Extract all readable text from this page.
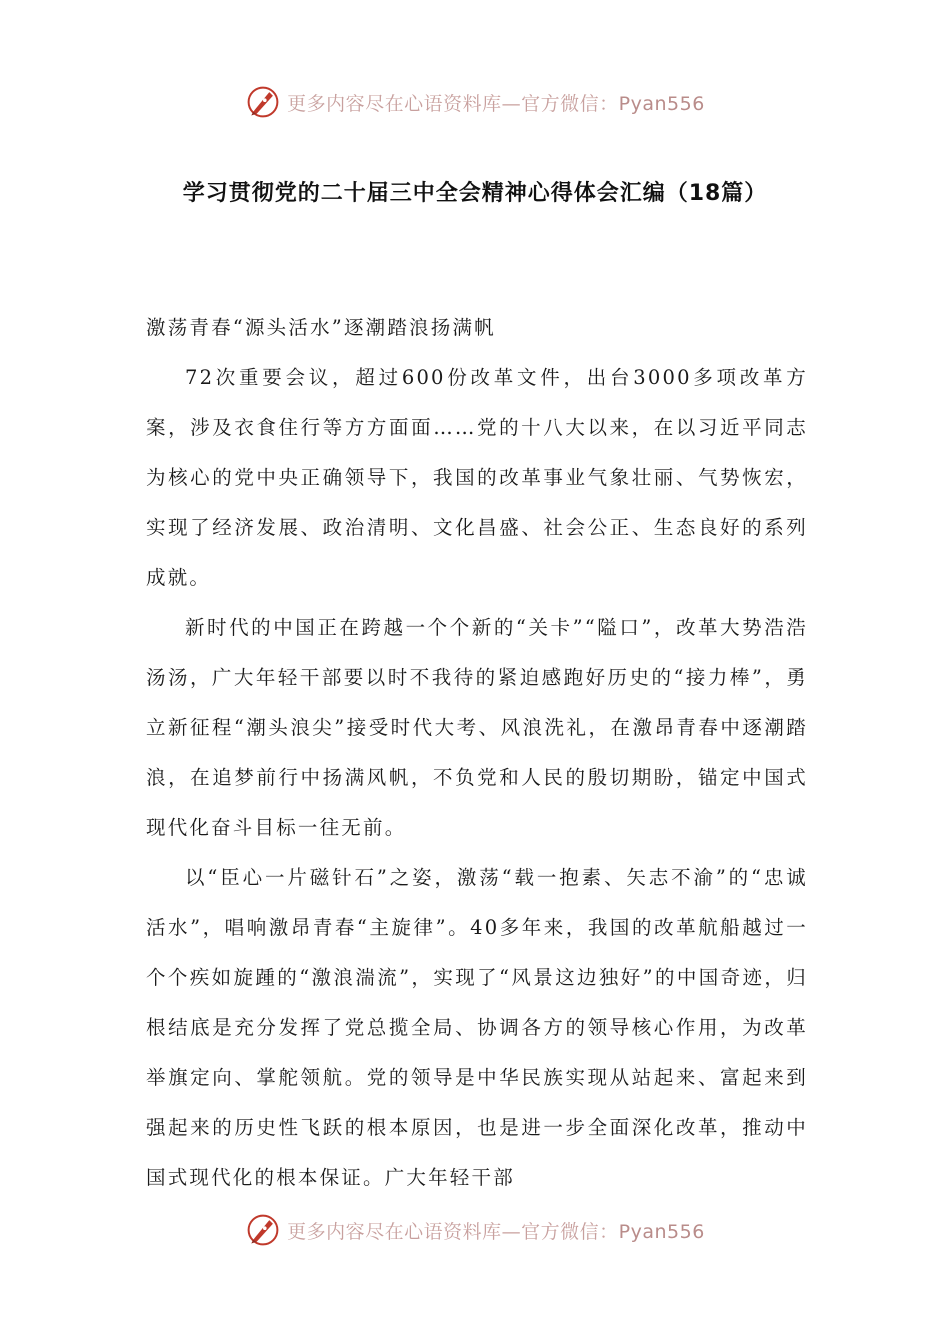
更多内容尽在心语资料库—官方微信：Pyan556
学习贯彻党的二十届三中全会精神心得体会汇编（18篇）

激荡青春“源头活水”逐潮踏浪扬满帆

72次重要会议，超过600份改革文件，出台3000多项改革方案，涉及衣食住行等方方面面……党的十八大以来，在以习近平同志为核心的党中央正确领导下，我国的改革事业气象壮丽、气势恢宏，实现了经济发展、政治清明、文化昌盛、社会公正、生态良好的系列成就。

新时代的中国正在跨越一个个新的“关卡”“隘口”，改革大势浩浩汤汤，广大年轻干部要以时不我待的紧迫感跑好历史的“接力棒”，勇立新征程“潮头浪尖”接受时代大考、风浪洗礼，在激昂青春中逐潮踏浪，在追梦前行中扬满风帆，不负党和人民的殷切期盼，锚定中国式现代化奋斗目标一往无前。

以“臣心一片磁针石”之姿，激荡“载一抱素、矢志不渝”的“忠诚活水”，唱响激昂青春“主旋律”。40多年来，我国的改革航船越过一个个疾如旋踵的“激浪湍流”，实现了“风景这边独好”的中国奇迹，归根结底是充分发挥了党总揽全局、协调各方的领导核心作用，为改革举旗定向、掌舵领航。党的领导是中华民族实现从站起来、富起来到强起来的历史性飞跃的根本原因，也是进一步全面深化改革，推动中国式现代化的根本保证。广大年轻干部

更多内容尽在心语资料库—官方微信：Pyan556
